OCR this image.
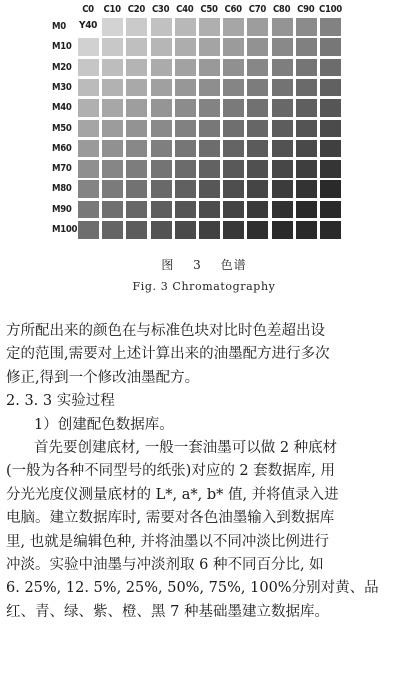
C0	C10 C20 C30 C40 C50 C60 C70 C80 C90 C100
M0
M10
M20
M30
M40
M50
M60
M70
M80
M90
M100
Y40
图 3 色谱
Fig. 3 Chromatography

方所配出来的颜色在与标准色块对比时色差超出设

定的范围,需要对上述计算出来的油墨配方进行多次

修正,得到一个修改油墨配方。

2. 3. 3 实验过程

1）创建配色数据库。

首先要创建底材, 一般一套油墨可以做 2 种底材

(一般为各种不同型号的纸张)对应的 2 套数据库, 用

分光光度仪测量底材的 L*, a*, b* 值, 并将值录入进

电脑。建立数据库时, 需要对各色油墨输入到数据库

里, 也就是编辑色种, 并将油墨以不同冲淡比例进行

冲淡。实验中油墨与冲淡剂取 6 种不同百分比, 如

6. 25%, 12. 5%, 25%, 50%, 75%, 100%分别对黄、品

红、青、绿、紫、橙、黑 7 种基础墨建立数据库。
